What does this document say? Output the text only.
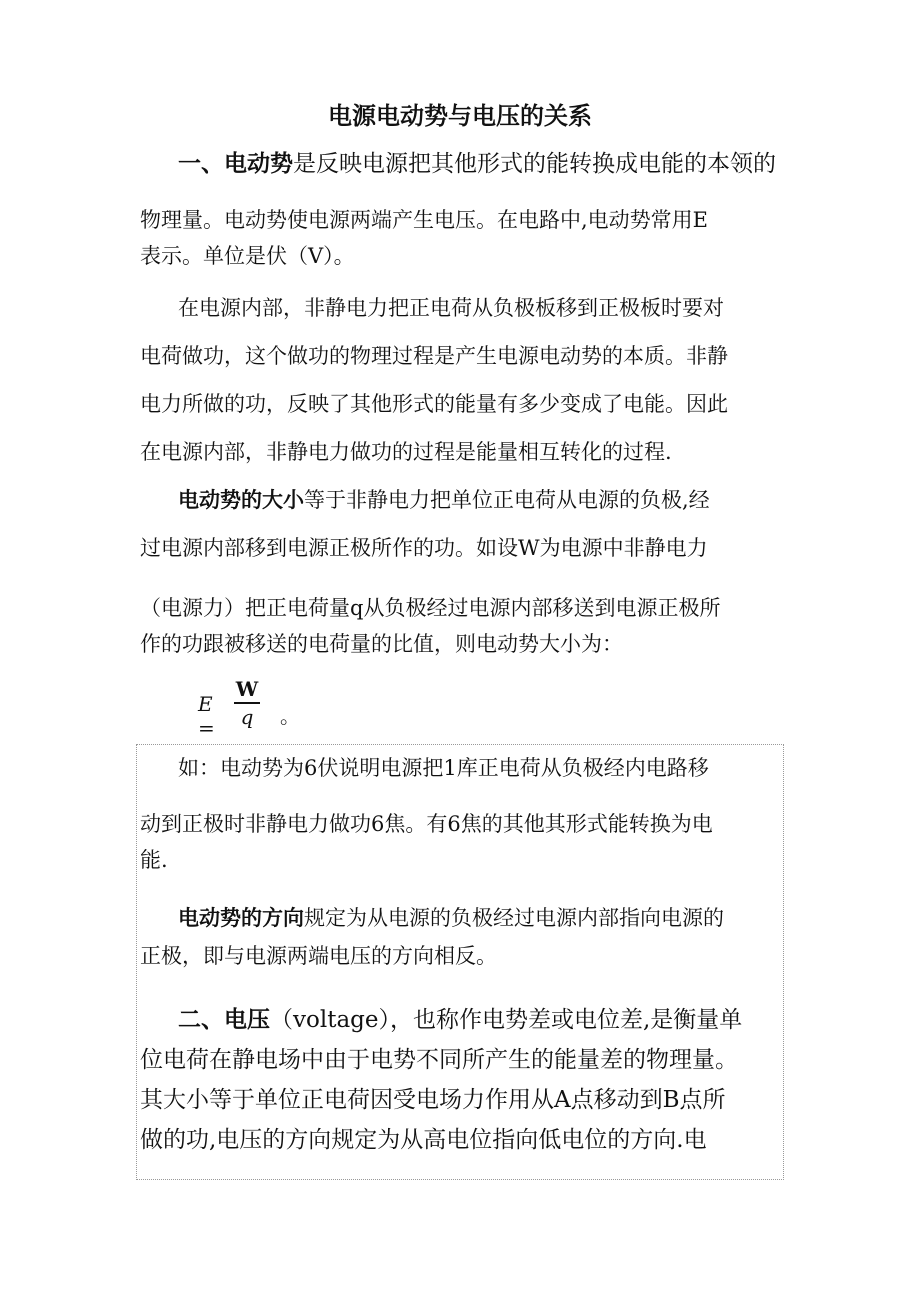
电源电动势与电压的关系
一、电动势是反映电源把其他形式的能转换成电能的本领的
物理量。电动势使电源两端产生电压。在电路中,电动势常用E
表示。单位是伏（V）。
在电源内部，非静电力把正电荷从负极板移到正极板时要对
电荷做功，这个做功的物理过程是产生电源电动势的本质。非静
电力所做的功，反映了其他形式的能量有多少变成了电能。因此
在电源内部，非静电力做功的过程是能量相互转化的过程.
电动势的大小等于非静电力把单位正电荷从电源的负极,经
过电源内部移到电源正极所作的功。如设W为电源中非静电力
（电源力）把正电荷量q从负极经过电源内部移送到电源正极所
作的功跟被移送的电荷量的比值，则电动势大小为：
E =
W
q	。
如：电动势为6伏说明电源把1库正电荷从负极经内电路移
动到正极时非静电力做功6焦。有6焦的其他其形式能转换为电
能.
电动势的方向规定为从电源的负极经过电源内部指向电源的
正极，即与电源两端电压的方向相反。
二、电压（voltage），也称作电势差或电位差,是衡量单
位电荷在静电场中由于电势不同所产生的能量差的物理量。
其大小等于单位正电荷因受电场力作用从A点移动到B点所
做的功,电压的方向规定为从高电位指向低电位的方向.电
